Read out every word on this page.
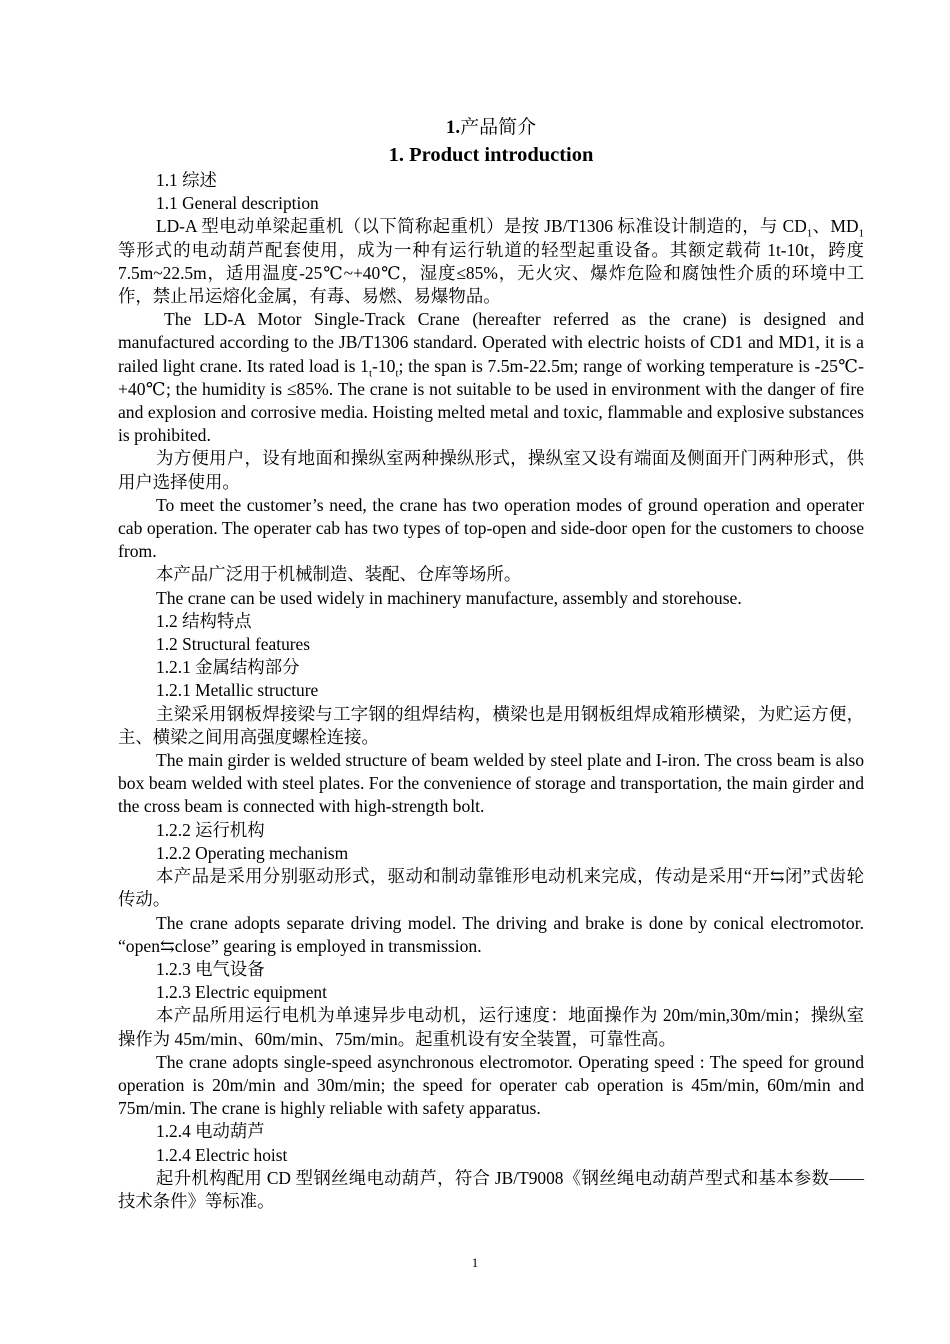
1.产品简介

1. Product introduction

1.1 综述

1.1 General description

LD-A 型电动单梁起重机（以下简称起重机）是按 JB/T1306 标准设计制造的，与 $CD_1$、$MD_1$ 等形式的电动葫芦配套使用，成为一种有运行轨道的轻型起重设备。其额定载荷 1t-10t，跨度 7.5m~22.5m，适用温度-25℃~+40℃，湿度≤85%，无火灾、爆炸危险和腐蚀性介质的环境中工作，禁止吊运熔化金属，有毒、易燃、易爆物品。

The LD-A Motor Single-Track Crane (hereafter referred as the crane) is designed and manufactured according to the JB/T1306 standard. Operated with electric hoists of CD1 and MD1, it is a railed light crane. Its rated load is $1_t-10_t$; the span is 7.5m-22.5m; range of working temperature is -25℃- +40℃; the humidity is ≤85%. The crane is not suitable to be used in environment with the danger of fire and explosion and corrosive media. Hoisting melted metal and toxic, flammable and explosive substances is prohibited.

为方便用户，设有地面和操纵室两种操纵形式，操纵室又设有端面及侧面开门两种形式，供用户选择使用。

To meet the customer’s need, the crane has two operation modes of ground operation and operater cab operation. The operater cab has two types of top-open and side-door open for the customers to choose from.

本产品广泛用于机械制造、装配、仓库等场所。

The crane can be used widely in machinery manufacture, assembly and storehouse.

1.2 结构特点

1.2 Structural features

1.2.1 金属结构部分

1.2.1 Metallic structure

主梁采用钢板焊接梁与工字钢的组焊结构，横梁也是用钢板组焊成箱形横梁，为贮运方便，主、横梁之间用高强度螺栓连接。

The main girder is welded structure of beam welded by steel plate and I-iron. The cross beam is also box beam welded with steel plates. For the convenience of storage and transportation, the main girder and the cross beam is connected with high-strength bolt.

1.2.2 运行机构

1.2.2 Operating mechanism

本产品是采用分别驱动形式，驱动和制动靠锥形电动机来完成，传动是采用“开⇆闭”式齿轮传动。

The crane adopts separate driving model. The driving and brake is done by conical electromotor. “open⇆close” gearing is employed in transmission.

1.2.3 电气设备

1.2.3 Electric equipment

本产品所用运行电机为单速异步电动机，运行速度：地面操作为 20m/min,30m/min；操纵室操作为 45m/min、60m/min、75m/min。起重机设有安全装置，可靠性高。

The crane adopts single-speed asynchronous electromotor. Operating speed : The speed for ground operation is 20m/min and 30m/min; the speed for operater cab operation is 45m/min, 60m/min and 75m/min. The crane is highly reliable with safety apparatus.

1.2.4 电动葫芦

1.2.4 Electric hoist

起升机构配用 CD 型钢丝绳电动葫芦，符合 JB/T9008《钢丝绳电动葫芦型式和基本参数——技术条件》等标准。

1
